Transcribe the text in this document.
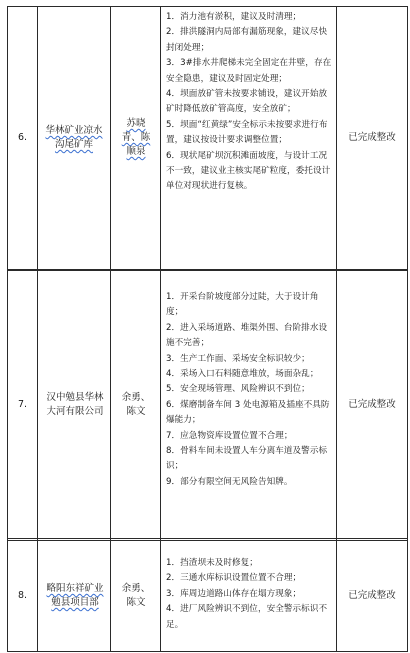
6.
华林矿业凉水沟尾矿库
苏晓青、陈顺泉

1．消力池有淤积，建议及时清理；

2．排洪隧洞内局部有漏筋现象，建议尽快封闭处理；

3．3#排水井爬梯未完全固定在井壁，存在安全隐患，建议及时固定处理；

4．坝面放矿管未按要求铺设，建议开始放矿时降低放矿管高度，安全放矿；

5．坝面“红黄绿”安全标示未按要求进行布置，建议按设计要求调整位置；

6．现状尾矿坝沉积滩面坡度，与设计工况不一致，建议业主核实尾矿粒度，委托设计单位对现状进行复核。

已完成整改
7.
汉中勉县华林大河有限公司
余勇、陈文

1．开采台阶坡度部分过陡，大于设计角度；

2．进入采场道路、堆渠外围、台阶排水设施不完善；

3．生产工作面、采场安全标识较少；

4．采场入口石料随意堆放，场面杂乱；

5．安全现场管理、风险辨识不到位；

6．煤磨制备车间 3 处电源箱及插座不具防爆能力；

7．应急物资库设置位置不合理；

8．骨料车间未设置人车分离车道及警示标识；

9．部分有限空间无风险告知牌。

已完成整改
8.
略阳东祥矿业勉县项目部
余勇、陈文

1．挡渣坝未及时修复；

2．三通水库标识设置位置不合理；

3．库周边道路山体存在塌方现象；

4．进厂风险辨识不到位，安全警示标识不足。

已完成整改
